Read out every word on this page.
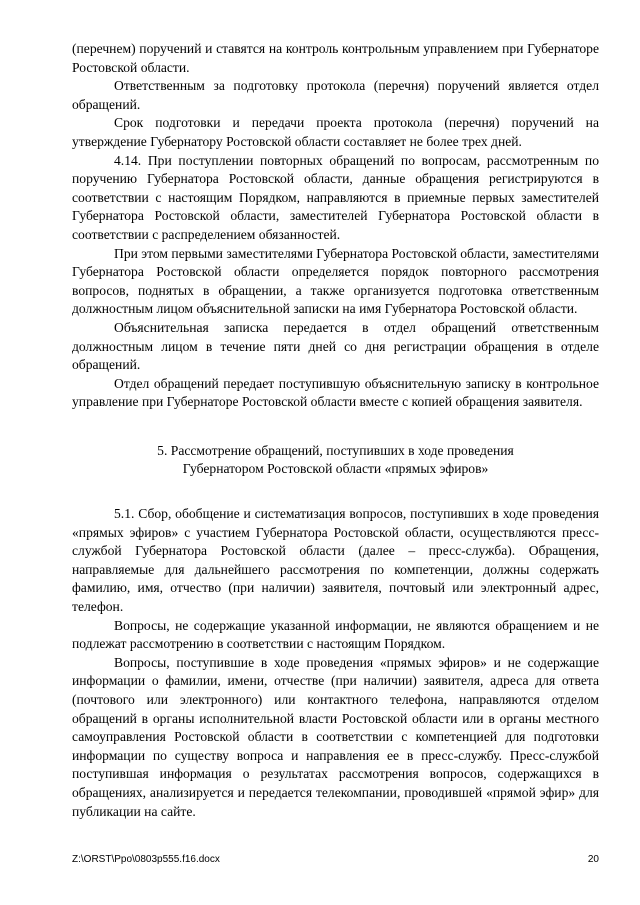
(перечнем) поручений и ставятся на контроль контрольным управлением при Губернаторе Ростовской области.

Ответственным за подготовку протокола (перечня) поручений является отдел обращений.

Срок подготовки и передачи проекта протокола (перечня) поручений на утверждение Губернатору Ростовской области составляет не более трех дней.

4.14. При поступлении повторных обращений по вопросам, рассмотренным по поручению Губернатора Ростовской области, данные обращения регистрируются в соответствии с настоящим Порядком, направляются в приемные первых заместителей Губернатора Ростовской области, заместителей Губернатора Ростовской области в соответствии с распределением обязанностей.

При этом первыми заместителями Губернатора Ростовской области, заместителями Губернатора Ростовской области определяется порядок повторного рассмотрения вопросов, поднятых в обращении, а также организуется подготовка ответственным должностным лицом объяснительной записки на имя Губернатора Ростовской области.

Объяснительная записка передается в отдел обращений ответственным должностным лицом в течение пяти дней со дня регистрации обращения в отделе обращений.

Отдел обращений передает поступившую объяснительную записку в контрольное управление при Губернаторе Ростовской области вместе с копией обращения заявителя.

5. Рассмотрение обращений, поступивших в ходе проведения
Губернатором Ростовской области «прямых эфиров»

5.1. Сбор, обобщение и систематизация вопросов, поступивших в ходе проведения «прямых эфиров» с участием Губернатора Ростовской области, осуществляются пресс-службой Губернатора Ростовской области (далее – пресс-служба). Обращения, направляемые для дальнейшего рассмотрения по компетенции, должны содержать фамилию, имя, отчество (при наличии) заявителя, почтовый или электронный адрес, телефон.

Вопросы, не содержащие указанной информации, не являются обращением и не подлежат рассмотрению в соответствии с настоящим Порядком.

Вопросы, поступившие в ходе проведения «прямых эфиров» и не содержащие информации о фамилии, имени, отчестве (при наличии) заявителя, адреса для ответа (почтового или электронного) или контактного телефона, направляются отделом обращений в органы исполнительной власти Ростовской области или в органы местного самоуправления Ростовской области в соответствии с компетенцией для подготовки информации по существу вопроса и направления ее в пресс-службу. Пресс-службой поступившая информация о результатах рассмотрения вопросов, содержащихся в обращениях, анализируется и передается телекомпании, проводившей «прямой эфир» для публикации на сайте.

Z:\ORST\Ppo\0803p555.f16.docx	20
